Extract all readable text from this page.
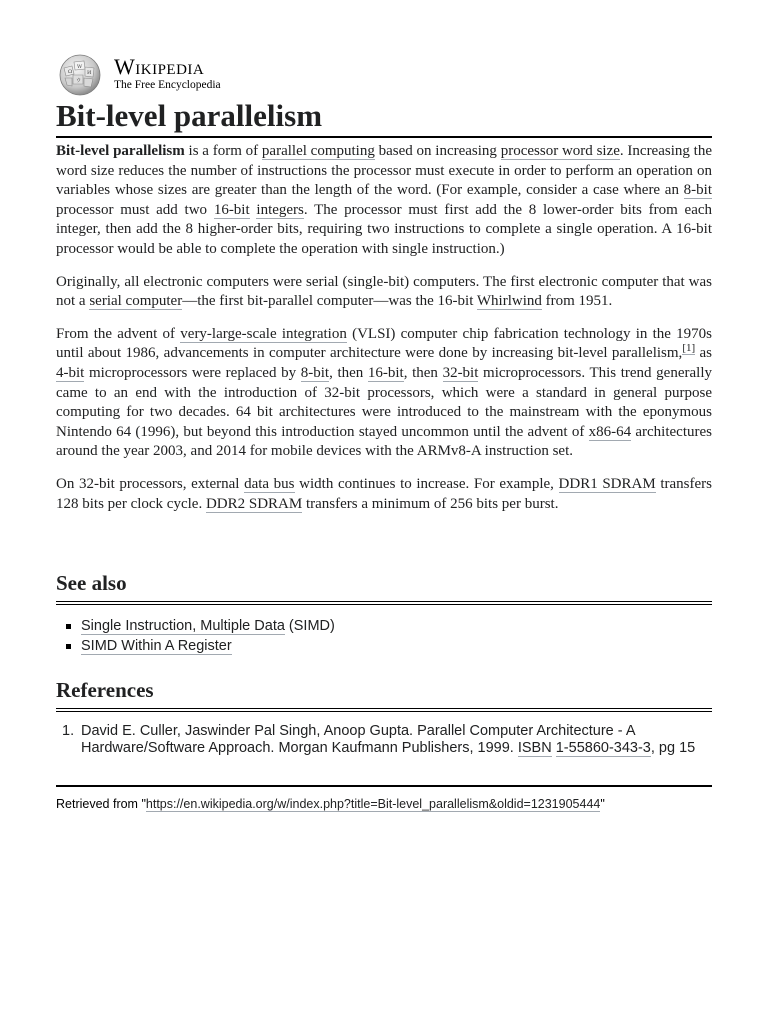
Ω
W
И
ウ
Wikipedia
The Free Encyclopedia
Bit-level parallelism

Bit-level parallelism is a form of parallel computing based on increasing processor word size. Increasing the word size reduces the number of instructions the processor must execute in order to perform an operation on variables whose sizes are greater than the length of the word. (For example, consider a case where an 8-bit processor must add two 16-bit integers. The processor must first add the 8 lower-order bits from each integer, then add the 8 higher-order bits, requiring two instructions to complete a single operation. A 16-bit processor would be able to complete the operation with single instruction.)

Originally, all electronic computers were serial (single-bit) computers. The first electronic computer that was not a serial computer—the first bit-parallel computer—was the 16-bit Whirlwind from 1951.

From the advent of very-large-scale integration (VLSI) computer chip fabrication technology in the 1970s until about 1986, advancements in computer architecture were done by increasing bit-level parallelism,[1] as 4-bit microprocessors were replaced by 8-bit, then 16-bit, then 32-bit microprocessors. This trend generally came to an end with the introduction of 32-bit processors, which were a standard in general purpose computing for two decades. 64 bit architectures were introduced to the mainstream with the eponymous Nintendo 64 (1996), but beyond this introduction stayed uncommon until the advent of x86-64 architectures around the year 2003, and 2014 for mobile devices with the ARMv8-A instruction set.

On 32-bit processors, external data bus width continues to increase. For example, DDR1 SDRAM transfers 128 bits per clock cycle. DDR2 SDRAM transfers a minimum of 256 bits per burst.

See also
Single Instruction, Multiple Data (SIMD)
SIMD Within A Register
References
1. David E. Culler, Jaswinder Pal Singh, Anoop Gupta. Parallel Computer Architecture - A Hardware/Software Approach. Morgan Kaufmann Publishers, 1999. ISBN 1-55860-343-3, pg 15
Retrieved from "https://en.wikipedia.org/w/index.php?title=Bit-level_parallelism&oldid=1231905444"
